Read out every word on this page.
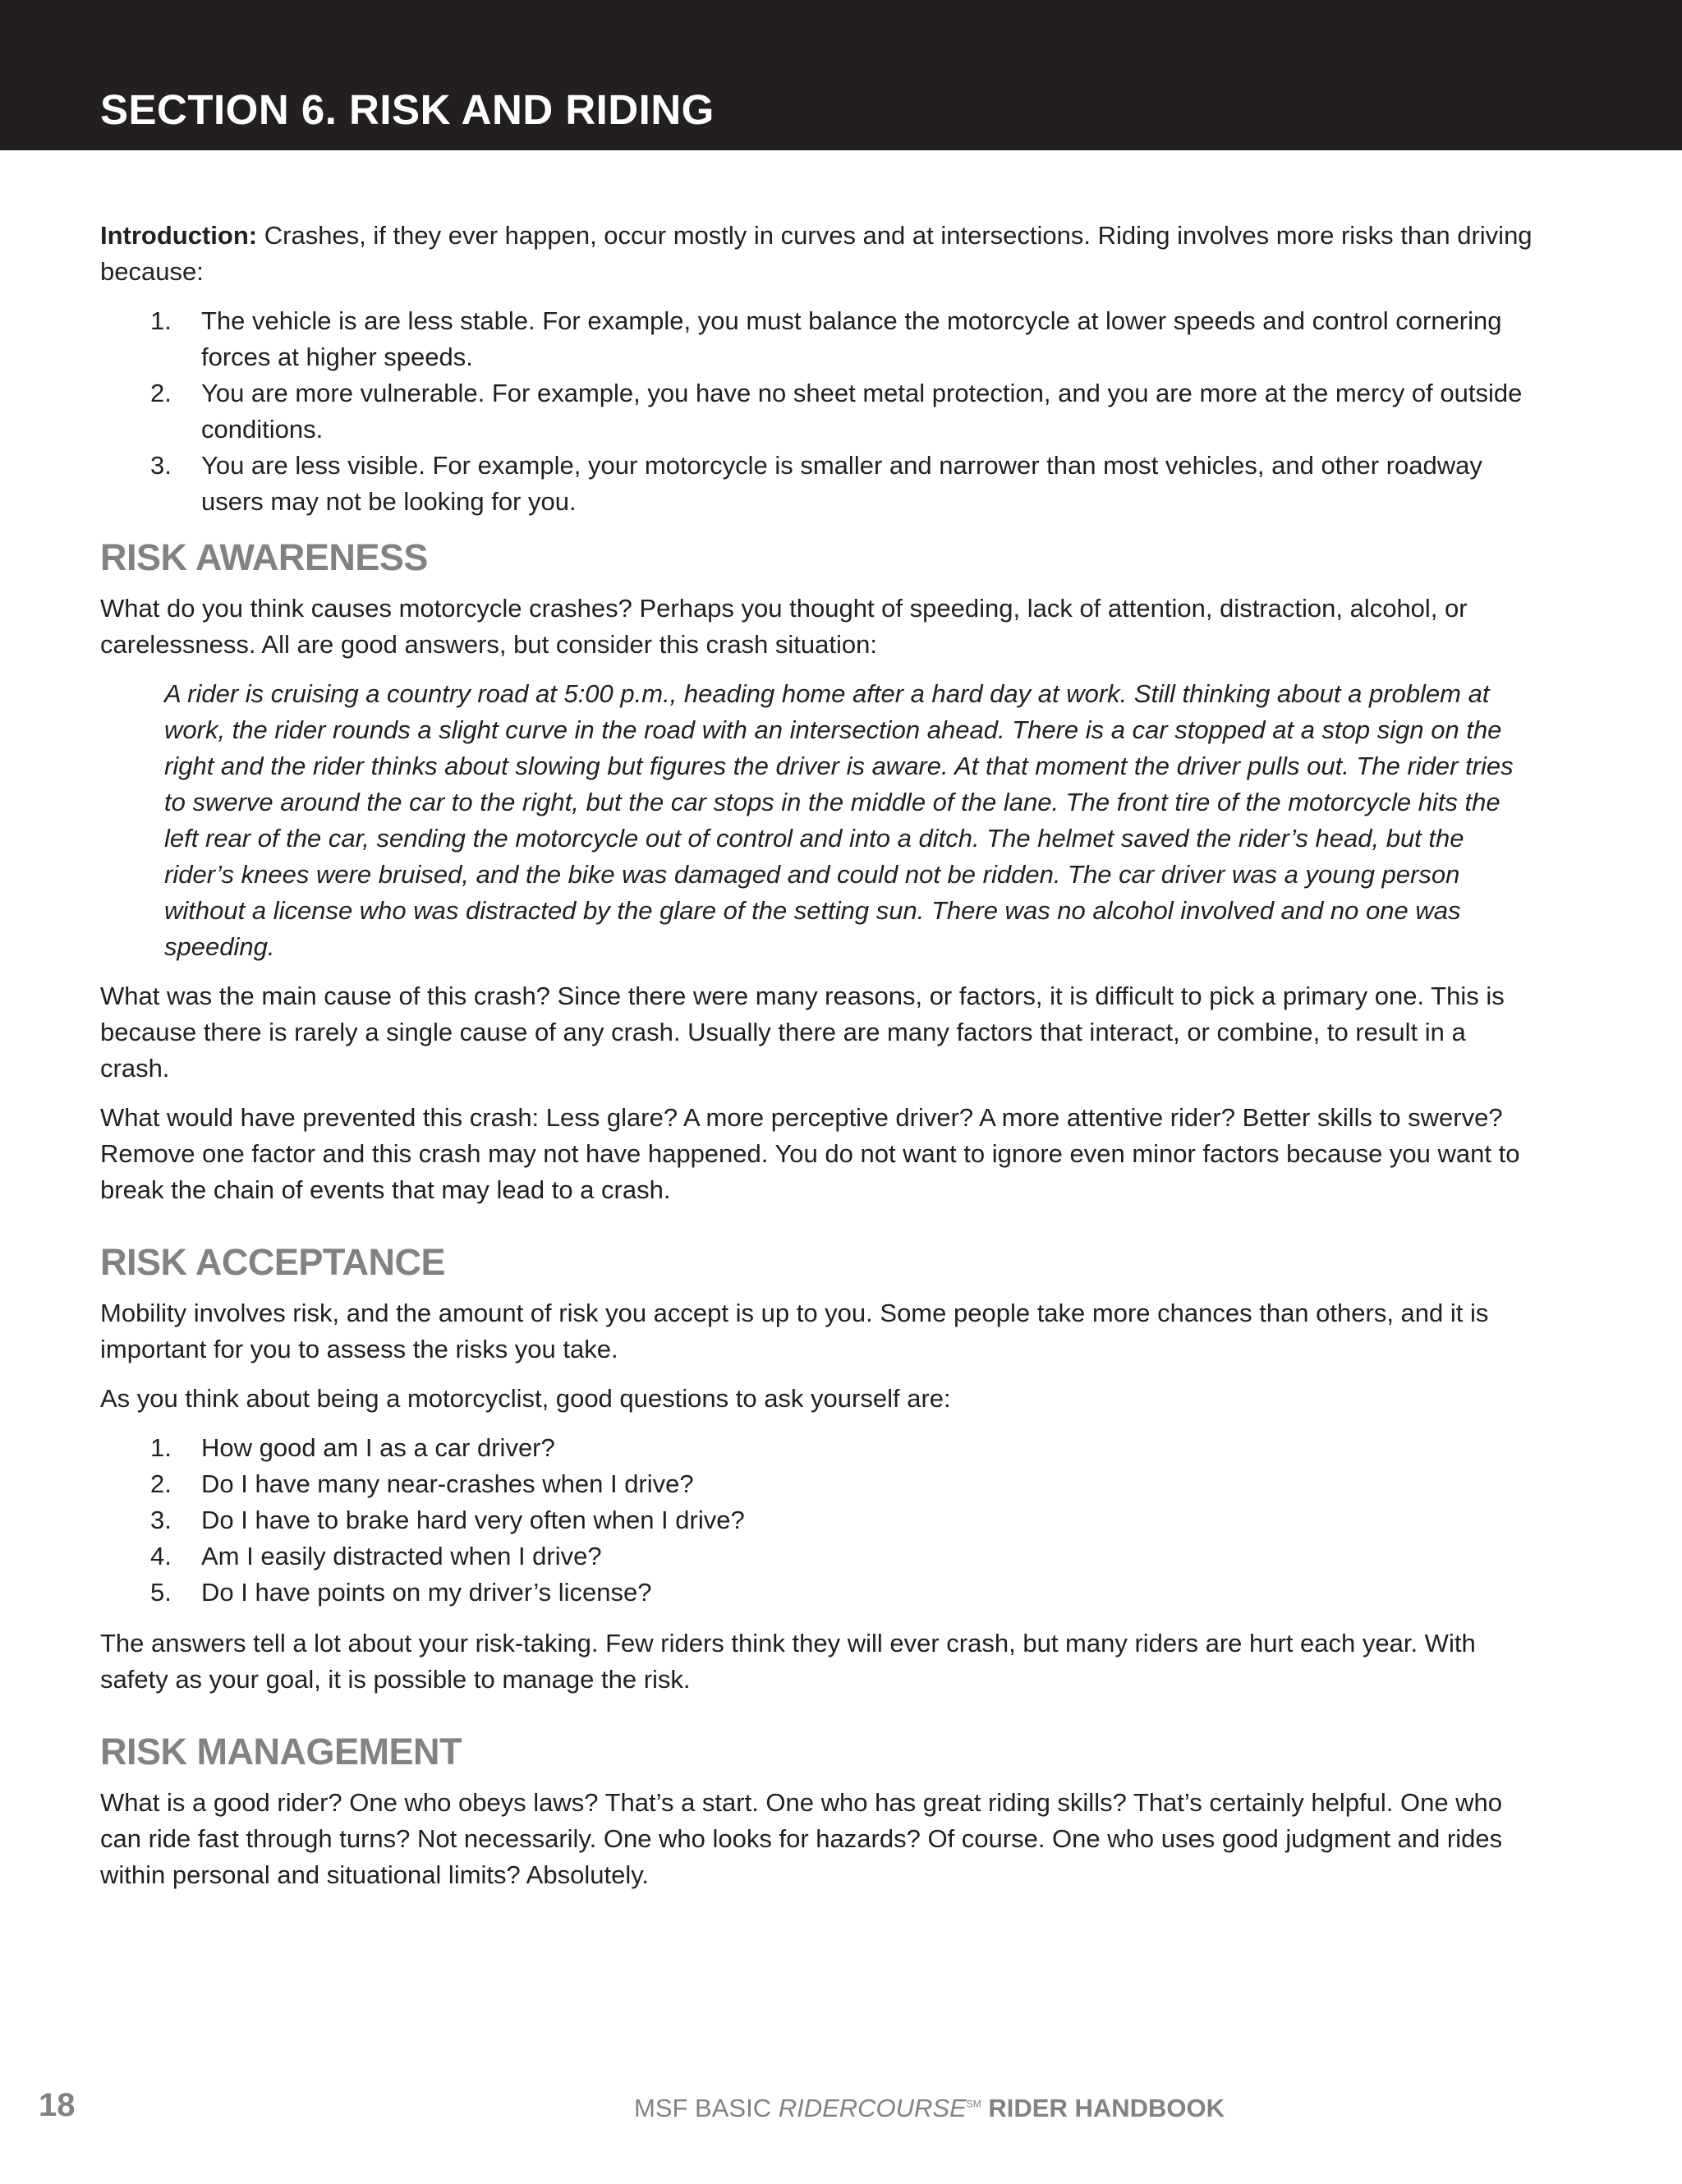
SECTION 6. RISK AND RIDING

Introduction: Crashes, if they ever happen, occur mostly in curves and at intersections. Riding involves more risks than driving because:

1. The vehicle is are less stable. For example, you must balance the motorcycle at lower speeds and control cornering forces at higher speeds.
2. You are more vulnerable. For example, you have no sheet metal protection, and you are more at the mercy of outside conditions.
3. You are less visible. For example, your motorcycle is smaller and narrower than most vehicles, and other roadway users may not be looking for you.
RISK AWARENESS

What do you think causes motorcycle crashes? Perhaps you thought of speeding, lack of attention, distraction, alcohol, or carelessness. All are good answers, but consider this crash situation:

A rider is cruising a country road at 5:00 p.m., heading home after a hard day at work. Still thinking about a problem at work, the rider rounds a slight curve in the road with an intersection ahead. There is a car stopped at a stop sign on the right and the rider thinks about slowing but figures the driver is aware. At that moment the driver pulls out. The rider tries to swerve around the car to the right, but the car stops in the middle of the lane. The front tire of the motorcycle hits the left rear of the car, sending the motorcycle out of control and into a ditch. The helmet saved the rider’s head, but the rider’s knees were bruised, and the bike was damaged and could not be ridden. The car driver was a young person without a license who was distracted by the glare of the setting sun. There was no alcohol involved and no one was speeding.

What was the main cause of this crash? Since there were many reasons, or factors, it is difficult to pick a primary one. This is because there is rarely a single cause of any crash. Usually there are many factors that interact, or combine, to result in a crash.

What would have prevented this crash: Less glare? A more perceptive driver? A more attentive rider? Better skills to swerve? Remove one factor and this crash may not have happened. You do not want to ignore even minor factors because you want to break the chain of events that may lead to a crash.

RISK ACCEPTANCE

Mobility involves risk, and the amount of risk you accept is up to you. Some people take more chances than others, and it is important for you to assess the risks you take.

As you think about being a motorcyclist, good questions to ask yourself are:

1. How good am I as a car driver?
2. Do I have many near-crashes when I drive?
3. Do I have to brake hard very often when I drive?
4. Am I easily distracted when I drive?
5. Do I have points on my driver’s license?

The answers tell a lot about your risk-taking. Few riders think they will ever crash, but many riders are hurt each year. With safety as your goal, it is possible to manage the risk.

RISK MANAGEMENT

What is a good rider? One who obeys laws? That’s a start. One who has great riding skills? That’s certainly helpful. One who can ride fast through turns? Not necessarily. One who looks for hazards? Of course. One who uses good judgment and rides within personal and situational limits? Absolutely.

18	MSF BASIC RIDERCOURSE℠ RIDER HANDBOOK
